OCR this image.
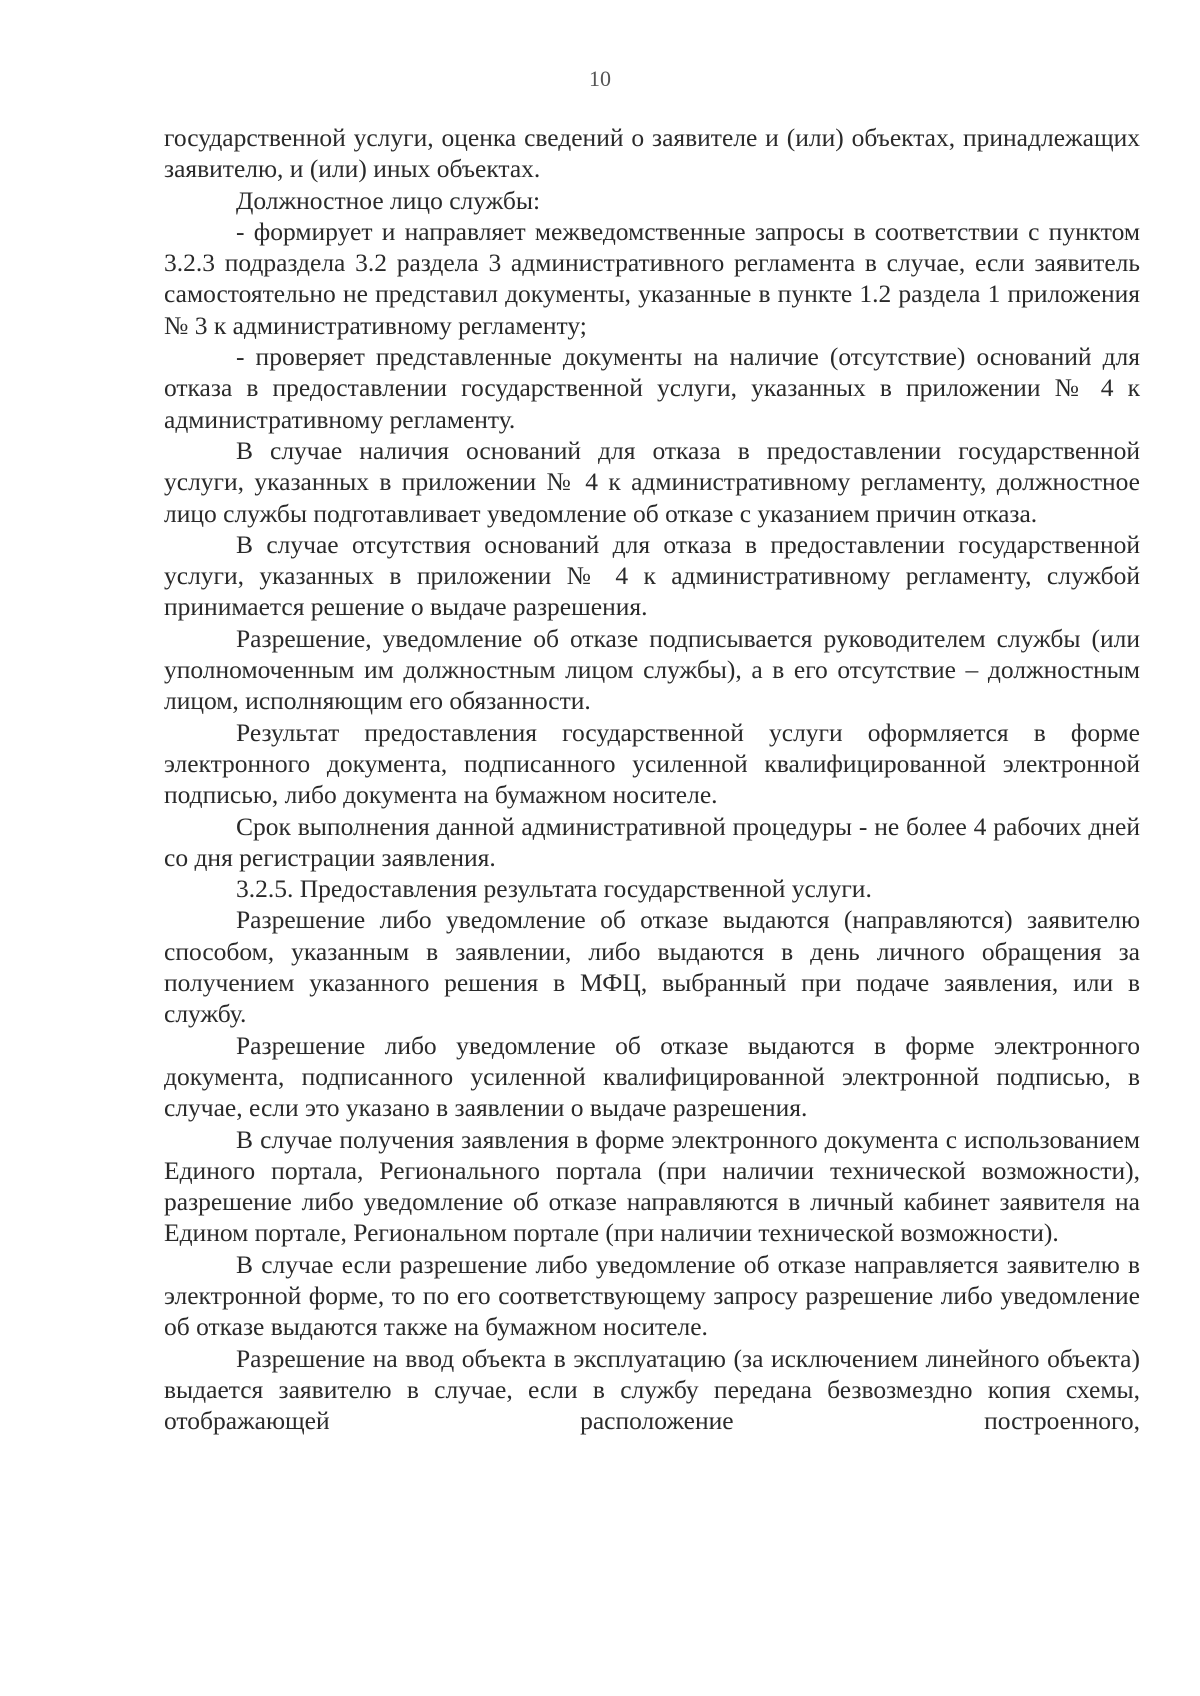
10

государственной услуги, оценка сведений о заявителе и (или) объектах, принадлежащих заявителю, и (или) иных объектах.

Должностное лицо службы:

- формирует и направляет межведомственные запросы в соответствии с пунктом 3.2.3 подраздела 3.2 раздела 3 административного регламента в случае, если заявитель самостоятельно не представил документы, указанные в пункте 1.2 раздела 1 приложения № 3 к административному регламенту;

- проверяет представленные документы на наличие (отсутствие) оснований для отказа в предоставлении государственной услуги, указанных в приложении № 4 к административному регламенту.

В случае наличия оснований для отказа в предоставлении государственной услуги, указанных в приложении № 4 к административному регламенту, должностное лицо службы подготавливает уведомление об отказе с указанием причин отказа.

В случае отсутствия оснований для отказа в предоставлении государственной услуги, указанных в приложении № 4 к административному регламенту, службой принимается решение о выдаче разрешения.

Разрешение, уведомление об отказе подписывается руководителем службы (или уполномоченным им должностным лицом службы), а в его отсутствие – должностным лицом, исполняющим его обязанности.

Результат предоставления государственной услуги оформляется в форме электронного документа, подписанного усиленной квалифицированной электронной подписью, либо документа на бумажном носителе.

Срок выполнения данной административной процедуры - не более 4 рабочих дней со дня регистрации заявления.

3.2.5. Предоставления результата государственной услуги.

Разрешение либо уведомление об отказе выдаются (направляются) заявителю способом, указанным в заявлении, либо выдаются в день личного обращения за получением указанного решения в МФЦ, выбранный при подаче заявления, или в службу.

Разрешение либо уведомление об отказе выдаются в форме электронного документа, подписанного усиленной квалифицированной электронной подписью, в случае, если это указано в заявлении о выдаче разрешения.

В случае получения заявления в форме электронного документа с использованием Единого портала, Регионального портала (при наличии технической возможности), разрешение либо уведомление об отказе направляются в личный кабинет заявителя на Едином портале, Региональном портале (при наличии технической возможности).

В случае если разрешение либо уведомление об отказе направляется заявителю в электронной форме, то по его соответствующему запросу разрешение либо уведомление об отказе выдаются также на бумажном носителе.

Разрешение на ввод объекта в эксплуатацию (за исключением линейного объекта) выдается заявителю в случае, если в службу передана безвозмездно копия схемы, отображающей расположение построенного,
